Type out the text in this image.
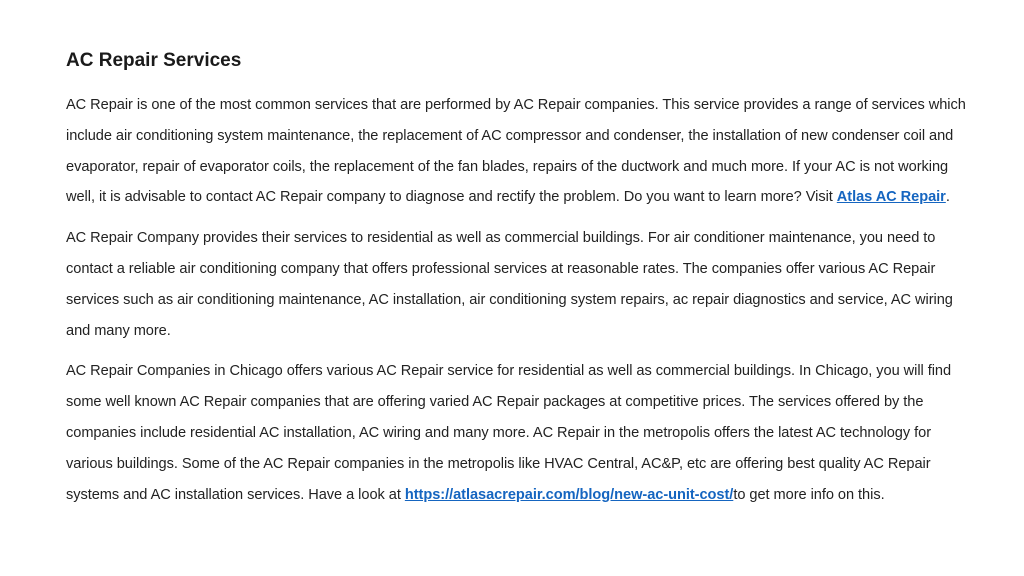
AC Repair Services

AC Repair is one of the most common services that are performed by AC Repair companies. This service provides a range of services which include air conditioning system maintenance, the replacement of AC compressor and condenser, the installation of new condenser coil and evaporator, repair of evaporator coils, the replacement of the fan blades, repairs of the ductwork and much more. If your AC is not working well, it is advisable to contact AC Repair company to diagnose and rectify the problem. Do you want to learn more? Visit Atlas AC Repair.

AC Repair Company provides their services to residential as well as commercial buildings. For air conditioner maintenance, you need to contact a reliable air conditioning company that offers professional services at reasonable rates. The companies offer various AC Repair services such as air conditioning maintenance, AC installation, air conditioning system repairs, ac repair diagnostics and service, AC wiring and many more.

AC Repair Companies in Chicago offers various AC Repair service for residential as well as commercial buildings. In Chicago, you will find some well known AC Repair companies that are offering varied AC Repair packages at competitive prices. The services offered by the companies include residential AC installation, AC wiring and many more. AC Repair in the metropolis offers the latest AC technology for various buildings. Some of the AC Repair companies in the metropolis like HVAC Central, AC&P, etc are offering best quality AC Repair systems and AC installation services. Have a look at https://atlasacrepair.com/blog/new-ac-unit-cost/to get more info on this.
